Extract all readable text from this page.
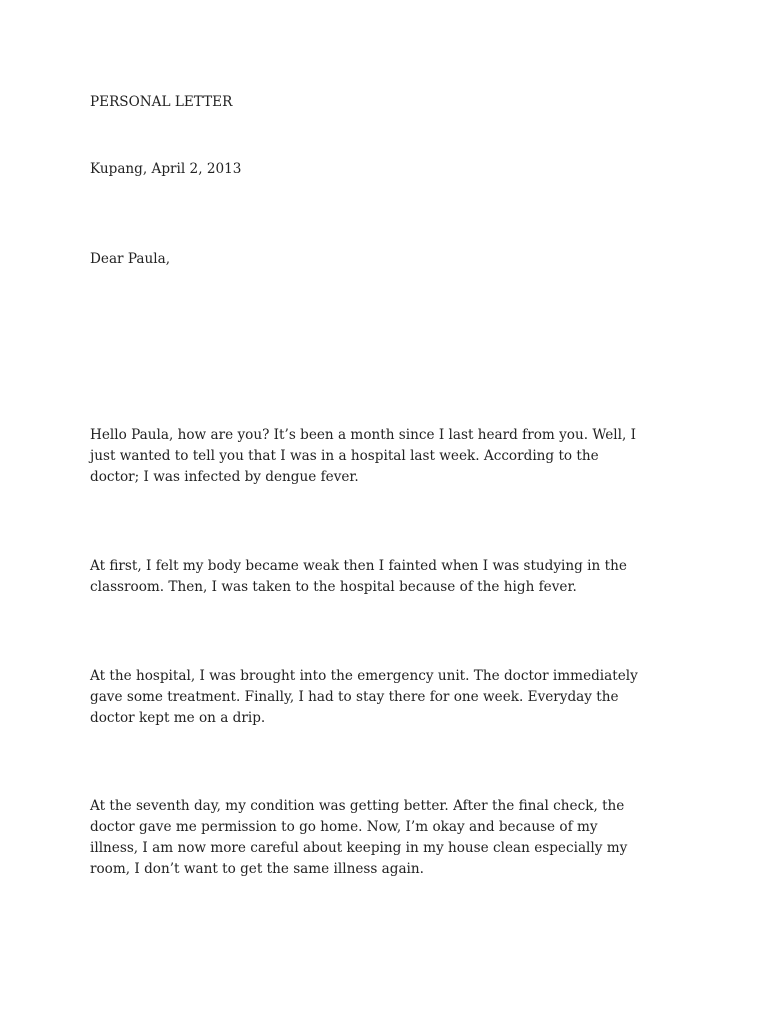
PERSONAL LETTER
Kupang, April 2, 2013
Dear Paula,
Hello Paula, how are you? It’s been a month since I last heard from you. Well, I
just wanted to tell you that I was in a hospital last week. According to the
doctor; I was infected by dengue fever.
At first, I felt my body became weak then I fainted when I was studying in the
classroom. Then, I was taken to the hospital because of the high fever.
At the hospital, I was brought into the emergency unit. The doctor immediately
gave some treatment. Finally, I had to stay there for one week. Everyday the
doctor kept me on a drip.
At the seventh day, my condition was getting better. After the final check, the
doctor gave me permission to go home. Now, I’m okay and because of my
illness, I am now more careful about keeping in my house clean especially my
room, I don’t want to get the same illness again.
